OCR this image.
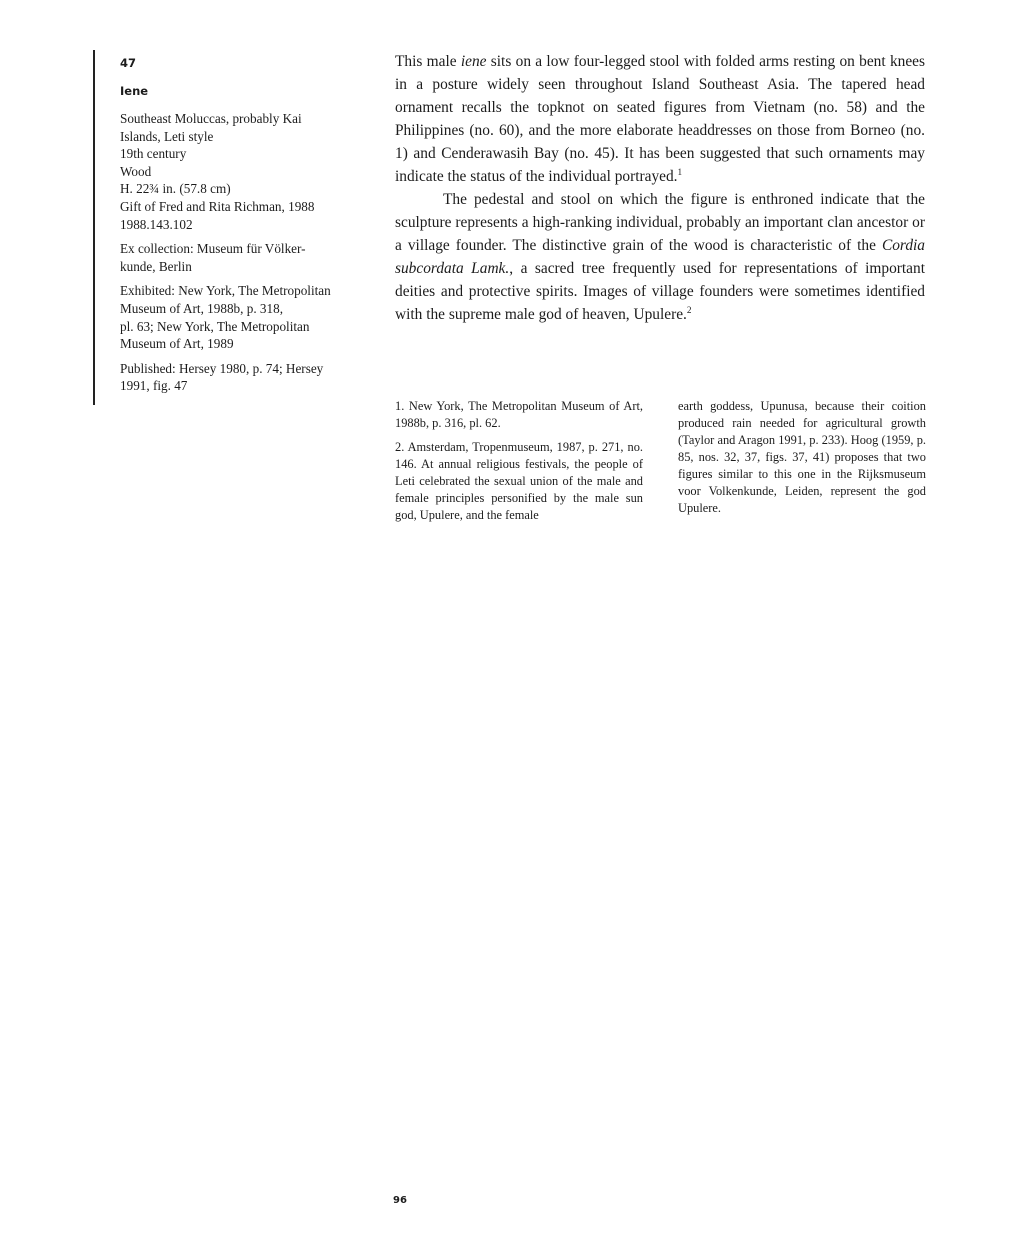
47
Iene
Southeast Moluccas, probably Kai
Islands, Leti style
19th century
Wood
H. 22¾ in. (57.8 cm)
Gift of Fred and Rita Richman, 1988
1988.143.102
Ex collection: Museum für Völker-
kunde, Berlin
Exhibited: New York, The Metropolitan
Museum of Art, 1988b, p. 318,
pl. 63; New York, The Metropolitan
Museum of Art, 1989
Published: Hersey 1980, p. 74; Hersey
1991, fig. 47

This male iene sits on a low four-legged stool with folded arms resting on bent knees in a posture widely seen throughout Island Southeast Asia. The tapered head ornament recalls the topknot on seated figures from Vietnam (no. 58) and the Philippines (no. 60), and the more elaborate headdresses on those from Borneo (no. 1) and Cenderawasih Bay (no. 45). It has been suggested that such ornaments may indicate the status of the individual portrayed.$^1$

The pedestal and stool on which the figure is enthroned indicate that the sculpture represents a high-ranking individual, probably an important clan ancestor or a village founder. The distinctive grain of the wood is characteristic of the Cordia subcordata Lamk., a sacred tree frequently used for representations of important deities and protective spirits. Images of village founders were sometimes identified with the supreme male god of heaven, Upulere.$^2$

1. New York, The Metropolitan Museum of Art, 1988b, p. 316, pl. 62.

2. Amsterdam, Tropenmuseum, 1987, p. 271, no. 146. At annual religious festivals, the people of Leti celebrated the sexual union of the male and female principles personified by the male sun god, Upulere, and the female

earth goddess, Upunusa, because their coition produced rain needed for agricultural growth (Taylor and Aragon 1991, p. 233). Hoog (1959, p. 85, nos. 32, 37, figs. 37, 41) proposes that two figures similar to this one in the Rijksmuseum voor Volkenkunde, Leiden, represent the god Upulere.

96
